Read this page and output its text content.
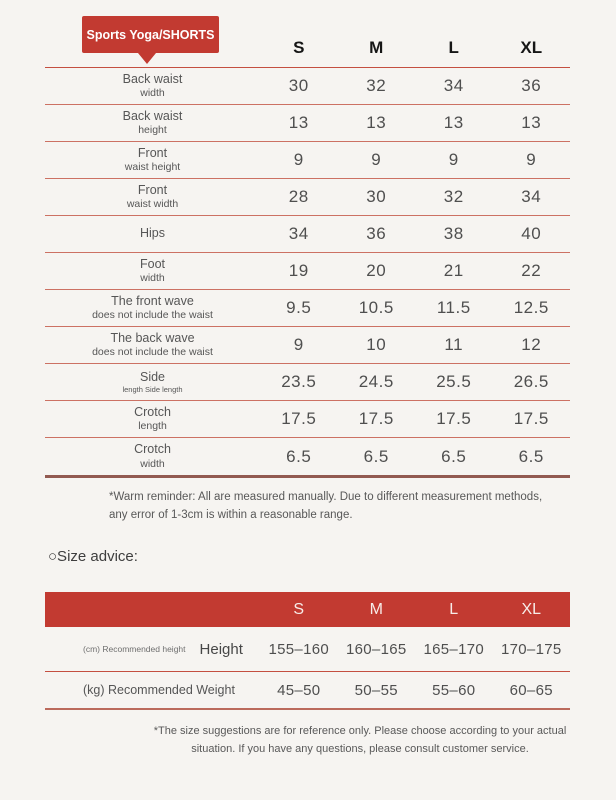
Sports Yoga/SHORTS
S	M	L	XL
Back waist
width	30	32	34	36
Back waist
height	13	13	13	13
Front
waist height	9	9	9	9
Front
waist width	28	30	32	34
Hips	34	36	38	40
Foot
width	19	20	21	22
The front wave
does not include the waist	9.5	10.5	11.5	12.5
The back wave
does not include the waist	9	10	11	12
Side
length Side length	23.5	24.5	25.5	26.5
Crotch
length	17.5	17.5	17.5	17.5
Crotch
width	6.5	6.5	6.5	6.5
*Warm reminder: All are measured manually. Due to different measurement methods, any error of 1-3cm is within a reasonable range.
○Size advice:
S	M	L	XL
(cm) Recommended height Height	155–160	160–165	165–170	170–175
(kg) Recommended Weight	45–50	50–55	55–60	60–65
*The size suggestions are for reference only. Please choose according to your actual situation. If you have any questions, please consult customer service.
